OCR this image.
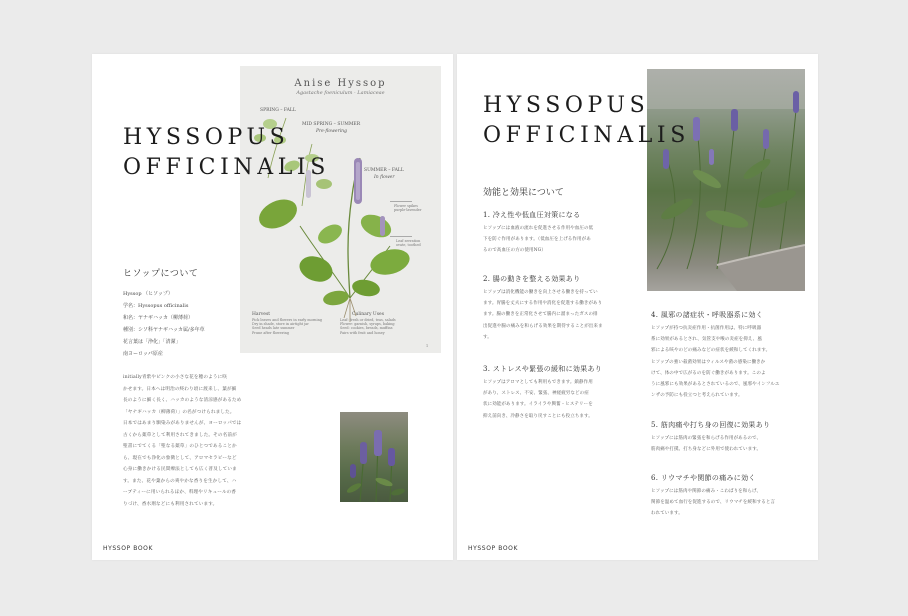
Anise Hyssop
Agastache foeniculum · Lamiaceae
SPRING – FALL
MID SPRING – SUMMER
Pre-flowering
SUMMER – FALL
In flower
Flower spikes
purple-lavender
Leaf serration
ovate, toothed
Harvest
Pick leaves and flowers in early morning
Dry in shade, store in airtight jar
Seed heads late summer
Prune after flowering
Culinary Uses
Leaf: fresh or dried, teas, salads
Flower: garnish, syrups, baking
Seed: cookies, breads, muffins
Pairs with fruit and honey
1
HYSSOPUS
OFFICINALIS
ヒソップについて
Hyssop （ヒソップ）
学名：Hyssopus officinalis
和名：ヤナギハッカ（柳薄荷）
種別：シソ科ヤナギハッカ属/多年草
花言葉は「浄化」「清潔」
南ヨーロッパ原産
initially青紫やピンクの小さな花を穂のように咲
かせます。日本へは明治の終わり頃に渡来し、葉が細
長のように細く長く、ハッカのような清涼感があるため
「ヤナギハッカ（柳薄荷）」の名がつけられました。
日本ではあまり馴染みがありませんが、ヨーロッパでは
古くから薬草として利用されてきました。その名前が
聖書にでてくる「聖なる薬草」のひとつであることか
ら、現在でも浄化の象徴として、アロマセラピーなど
心身に働きかける民間療法としても広く普及していま
す。また、花や葉からの爽やかな香りを生かして、ハ
ーブティーに用いられるほか、料理やリキュールの香
りづけ、香水剤などにも利用されています。
HYSSOP BOOK
HYSSOPUS
OFFICINALIS
効能と効果について
1. 冷え性や低血圧対策になる
ヒソップには血液の流れを促進させる作用や血圧の低
下を防ぐ作用があります。（低血圧を上げる作用があ
るので高血圧の方の使用NG）
2. 腸の動きを整える効果あり
ヒソップは消化機能の働きを向上させる働きを持ってい
ます。胃腸を丈夫にする作用や消化を促進する働きがあり
ます。腸の働きを正常化させて腸内に溜まったガスの排
出促進や腸の痛みを和らげる効果を期待することが出来ま
す。
3. ストレスや緊張の緩和に効果あり
ヒソップはアロマとしても利用もできます。鎮静作用
があり、ストレス、不安、緊張、神経疲労などの症
状に効能があります。イライラや興奮・ヒステリーを
抑え前向き、冷静さを取り戻すことにも役立ちます。
4. 風邪の諸症状・呼吸器系に効く
ヒソップが持つ抗炎症作用・抗菌作用は、特に呼吸器
系に効果があるとされ、気管支や喉の炎症を抑え、風
邪による咳やのどの痛みなどの症状を緩和してくれます。
ヒソップの強い殺菌効果はウィルスや菌の感染に働きか
けて、体の中で広がるのを防ぐ働きがあります。このよ
うに風邪にも効果があるとされているので、風邪やインフルエ
ンザの予防にも役立つと考えられています。
5. 筋肉痛や打ち身の回復に効果あり
ヒソップには筋肉の緊張を和らげる作用があるので、
筋肉痛や打撲、打ち身などに外用で使われています。
6. リウマチや関節の痛みに効く
ヒソップには筋肉や関節の痛み・こわばりを和らげ、
関節を温めて血行を促進するので、リウマチを緩和すると言
われています。
HYSSOP BOOK
